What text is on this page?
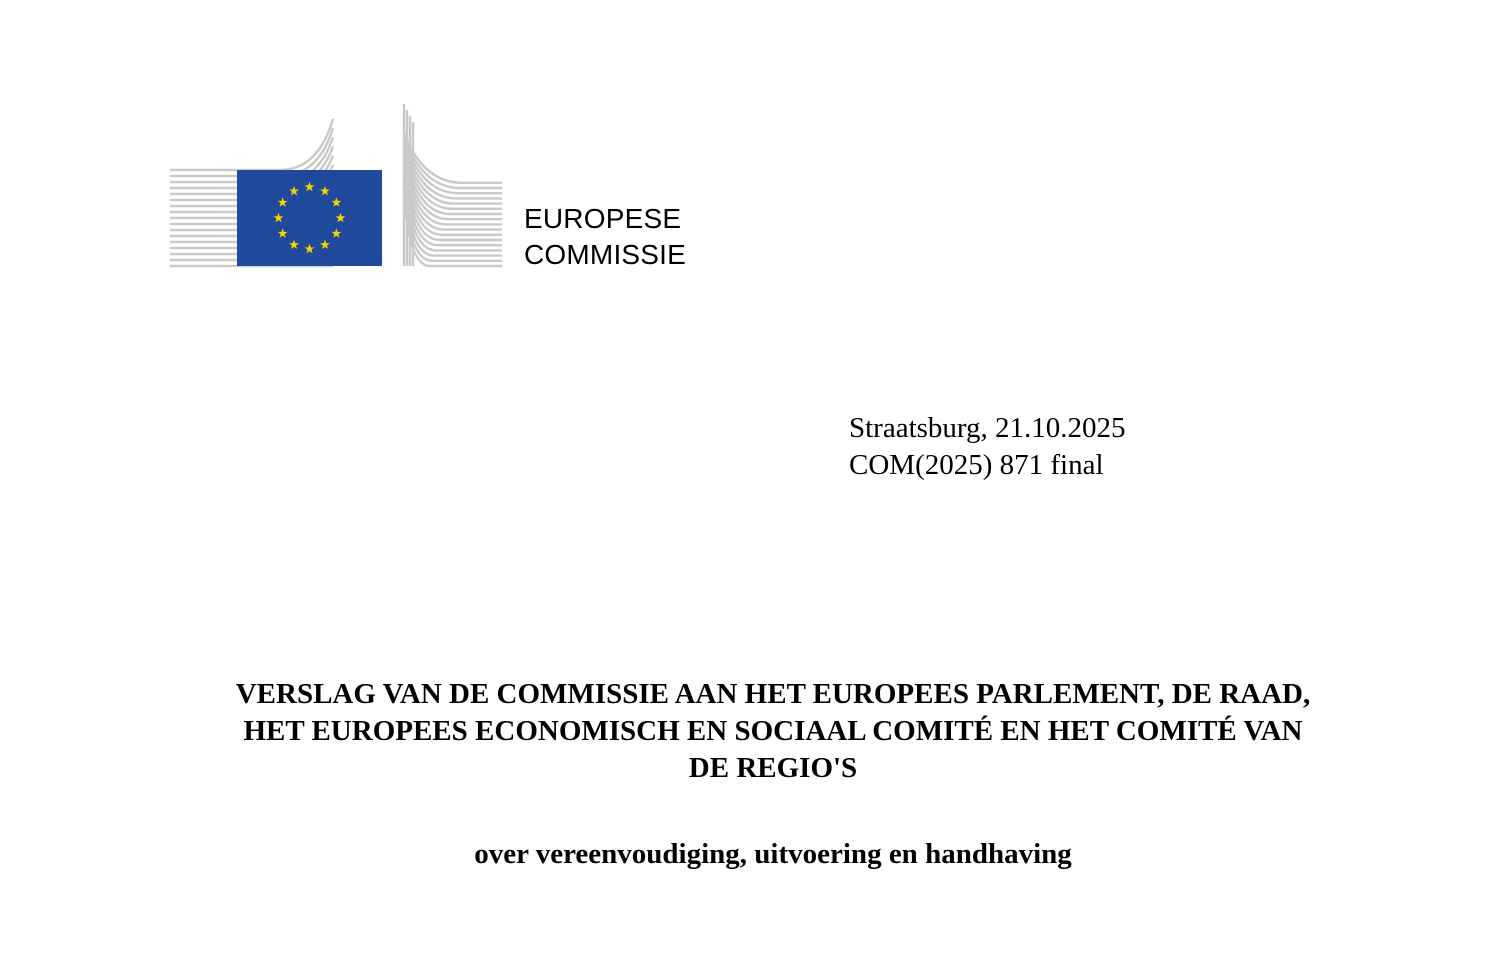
EUROPESE
COMMISSIE
Straatsburg, 21.10.2025
COM(2025) 871 final
VERSLAG VAN DE COMMISSIE AAN HET EUROPEES PARLEMENT, DE RAAD,
HET EUROPEES ECONOMISCH EN SOCIAAL COMITÉ EN HET COMITÉ VAN
DE REGIO'S
over vereenvoudiging, uitvoering en handhaving
